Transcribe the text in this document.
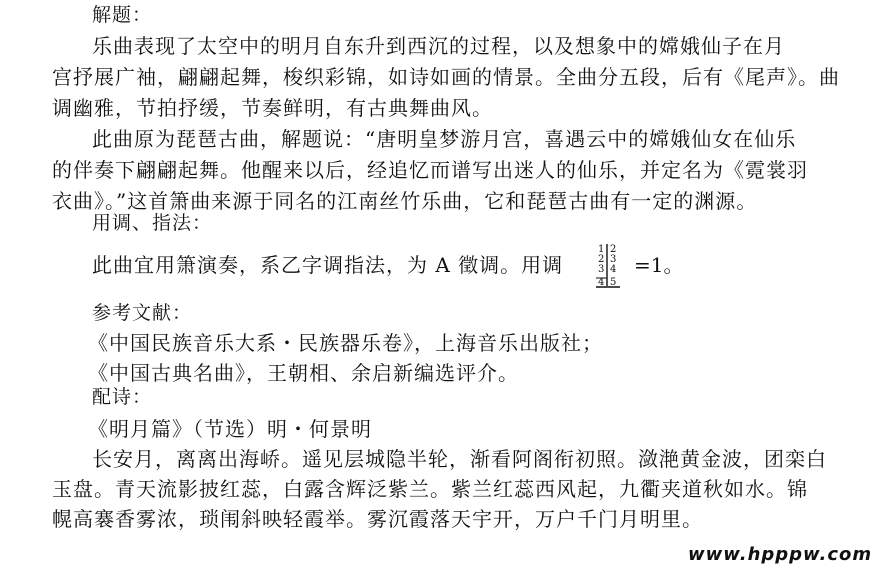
解题：
乐曲表现了太空中的明月自东升到西沉的过程，以及想象中的嫦娥仙子在月
宫抒展广袖，翩翩起舞，梭织彩锦，如诗如画的情景。全曲分五段，后有《尾声》。曲
调幽雅，节拍抒缓，节奏鲜明，有古典舞曲风。
此曲原为琵琶古曲，解题说：“唐明皇梦游月宫，喜遇云中的嫦娥仙女在仙乐
的伴奏下翩翩起舞。他醒来以后，经追忆而谱写出迷人的仙乐，并定名为《霓裳羽
衣曲》。”这首箫曲来源于同名的江南丝竹乐曲，它和琵琶古曲有一定的渊源。
用调、指法：
此曲宜用箫演奏，系乙字调指法，为 A 徵调。用调
1
2
3
4
2
3
4
5
=1。
参考文献：
《中国民族音乐大系・民族器乐卷》，上海音乐出版社；
《中国古典名曲》，王朝相、余启新编选评介。
配诗：
《明月篇》（节选）明・何景明
长安月，离离出海峤。遥见层城隐半轮，渐看阿阁衔初照。潋滟黄金波，团栾白
玉盘。青天流影披红蕊，白露含辉泛紫兰。紫兰红蕊西风起，九衢夹道秋如水。锦
幌高褰香雾浓，琐闱斜映轻霞举。雾沉霞落天宇开，万户千门月明里。
www.hpppw.com
